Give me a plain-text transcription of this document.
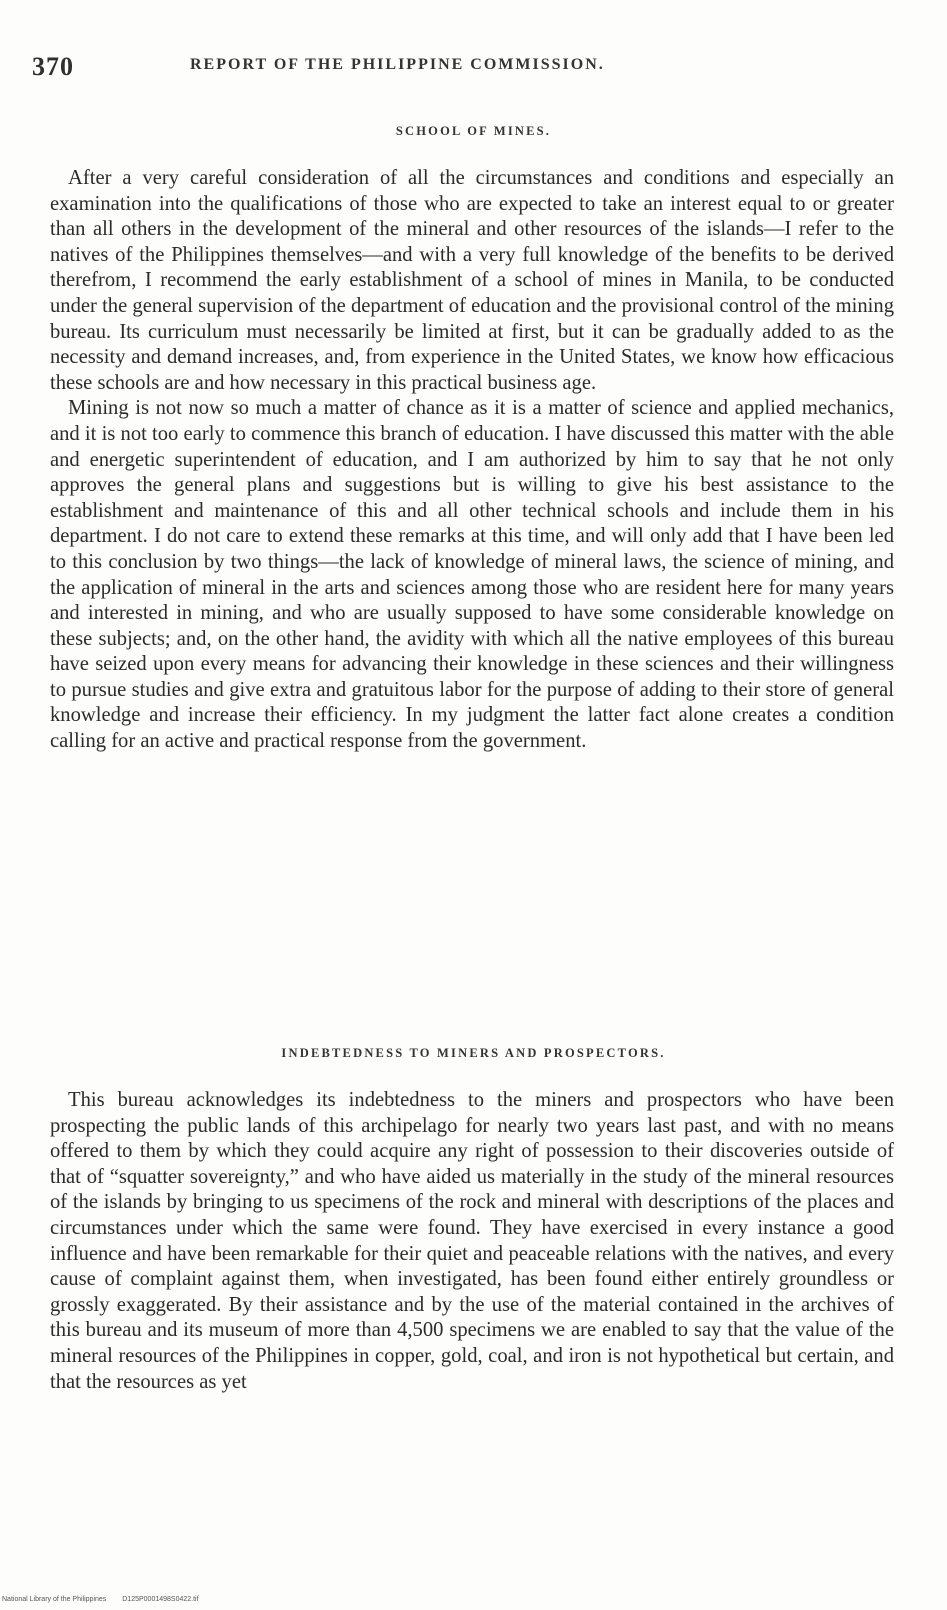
370	REPORT OF THE PHILIPPINE COMMISSION.
SCHOOL OF MINES.

After a very careful consideration of all the circumstances and conditions and especially an examination into the qualifications of those who are expected to take an interest equal to or greater than all others in the development of the mineral and other resources of the islands—I refer to the natives of the Philippines themselves—and with a very full knowledge of the benefits to be derived therefrom, I recommend the early establishment of a school of mines in Manila, to be conducted under the general supervision of the department of education and the provisional control of the mining bureau. Its curriculum must necessarily be limited at first, but it can be gradually added to as the necessity and demand increases, and, from experience in the United States, we know how efficacious these schools are and how necessary in this practical business age.

Mining is not now so much a matter of chance as it is a matter of science and applied mechanics, and it is not too early to commence this branch of education. I have discussed this matter with the able and energetic superintendent of education, and I am authorized by him to say that he not only approves the general plans and suggestions but is willing to give his best assistance to the establishment and maintenance of this and all other technical schools and include them in his department. I do not care to extend these remarks at this time, and will only add that I have been led to this conclusion by two things—the lack of knowledge of mineral laws, the science of mining, and the application of mineral in the arts and sciences among those who are resident here for many years and interested in mining, and who are usually supposed to have some considerable knowledge on these subjects; and, on the other hand, the avidity with which all the native employees of this bureau have seized upon every means for advancing their knowledge in these sciences and their willingness to pursue studies and give extra and gratuitous labor for the purpose of adding to their store of general knowledge and increase their efficiency. In my judgment the latter fact alone creates a condition calling for an active and practical response from the government.

INDEBTEDNESS TO MINERS AND PROSPECTORS.

This bureau acknowledges its indebtedness to the miners and prospectors who have been prospecting the public lands of this archipelago for nearly two years last past, and with no means offered to them by which they could acquire any right of possession to their discoveries outside of that of “squatter sovereignty,” and who have aided us materially in the study of the mineral resources of the islands by bringing to us specimens of the rock and mineral with descriptions of the places and circumstances under which the same were found. They have exercised in every instance a good influence and have been remarkable for their quiet and peaceable relations with the natives, and every cause of complaint against them, when investigated, has been found either entirely groundless or grossly exaggerated. By their assistance and by the use of the material contained in the archives of this bureau and its museum of more than 4,500 specimens we are enabled to say that the value of the mineral resources of the Philippines in copper, gold, coal, and iron is not hypothetical but certain, and that the resources as yet

National Library of the Philippines D125P0001498S0422.tif
